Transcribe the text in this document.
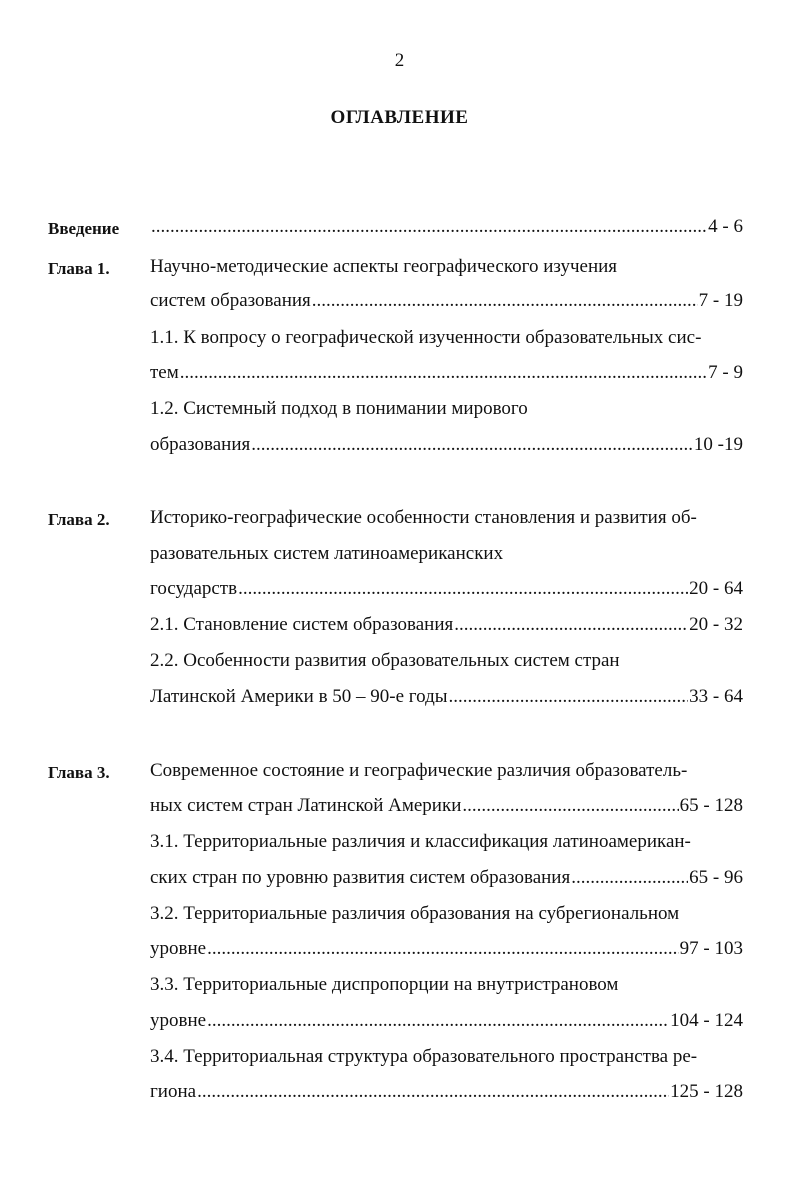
2
ОГЛАВЛЕНИЕ
Введение .....	4 - 6
Глава 1. Научно-методические аспекты географического изучения
систем образования .....	7 - 19
1.1. К вопросу о географической изученности образовательных сис-
тем .....	7 - 9
1.2. Системный подход в понимании мирового
образования .....	10 -19
Глава 2. Историко-географические особенности становления и развития об-
разовательных систем латиноамериканских
государств .....	20 - 64
2.1. Становление систем образования .....	20 - 32
2.2. Особенности развития образовательных систем стран
Латинской Америки в 50 – 90-е годы .....	33 - 64
Глава 3. Современное состояние и географические различия образователь-
ных систем стран Латинской Америки .....	65 - 128
3.1. Территориальные различия и классификация латиноамерикан-
ских стран по уровню развития систем образования .....	65 - 96
3.2. Территориальные различия образования на субрегиональном
уровне .....	97 - 103
3.3. Территориальные диспропорции на внутристрановом
уровне .....	104 - 124
3.4. Территориальная структура образовательного пространства ре-
гиона .....	125 - 128
